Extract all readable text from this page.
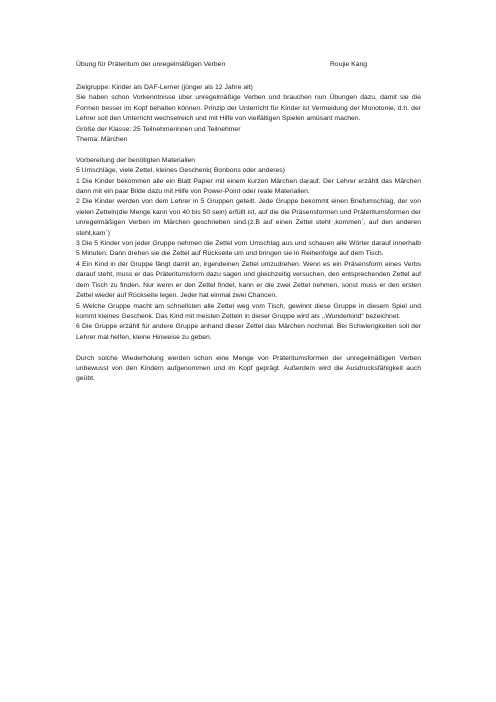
Übung für Präteritum der unregelmäßigen Verben	Roujie Kang

Zielgruppe: Kinder als DAF-Lerner (jünger als 12 Jahre alt)

Sie haben schon Vorkenntnisse über unregelmäßige Verben und brauchen nun Übungen dazu, damit sie die Formen besser im Kopf behalten können. Prinzip der Unterricht für Kinder ist Vermeidung der Monotonie, d.h. der Lehrer soll den Unterricht wechselreich und mit Hilfe von vielfältigen Spielen amüsant machen.

Größe der Klasse: 25 Teilnehmerinnen und Teilnehmer

Thema: Märchen

Vorbereitung der benötigten Materialien

5 Umschläge, viele Zettel, kleines Geschenk( Bonbons oder anderes)

1 Die Kinder bekommen alle ein Blatt Papier mit einem kurzen Märchen darauf. Der Lehrer erzählt das Märchen dann mit ein paar Bilde dazu mit Hilfe von Power-Point oder reale Materialien.

2 Die Kinder werden von dem Lehrer in 5 Gruppen geteilt. Jede Gruppe bekommt einen Briefumschlag, der von vielen Zetteln(die Menge kann von 40 bis 50 sein) erfüllt ist, auf die die Präsensformen und Präteritumsformen der unregelmäßigen Verben im Märchen geschrieben sind.(z.B auf einen Zettel steht ‚kommen`, auf den anderen steht,kam`)

3 Die 5 Kinder von jeder Gruppe nehmen die Zettel vom Umschlag aus und schauen alle Wörter darauf innerhalb 5 Minuten. Dann drehen sie die Zettel auf Rückseite um und bringen sie in Reihenfolge auf dem Tisch.

4 Ein Kind in der Gruppe fängt damit an, irgendeinen Zettel umzudrehen. Wenn es ein Präsensform eines Verbs darauf steht, muss er das Präteritumsform dazu sagen und gleichzeitig versuchen, den entsprechenden Zettel auf dem Tisch zu finden. Nur wenn er den Zettel findet, kann er die zwei Zettel nehmen, sonst muss er den ersten Zettel wieder auf Rückseite legen. Jeder hat einmal zwei Chancen.

5 Welche Gruppe macht am schnellsten alle Zettel weg vom Tisch, gewinnt diese Gruppe in diesem Spiel und kommt kleines Geschenk. Das Kind mit meisten Zetteln in dieser Gruppe wird als ,,Wunderkind“ bezeichnet.

6 Die Gruppe erzählt für andere Gruppe anhand dieser Zettel das Märchen nochmal. Bei Schwierigkeiten soll der Lehrer mal helfen, kleine Hinweise zu geben.

Durch solche Wiederholung werden schon eine Menge von Präteritumsformen der unregelmäßigen Verben unbewusst von den Kindern aufgenommen und im Kopf geprägt. Außerdem wird die Ausdrucksfähigkeit auch geübt.
